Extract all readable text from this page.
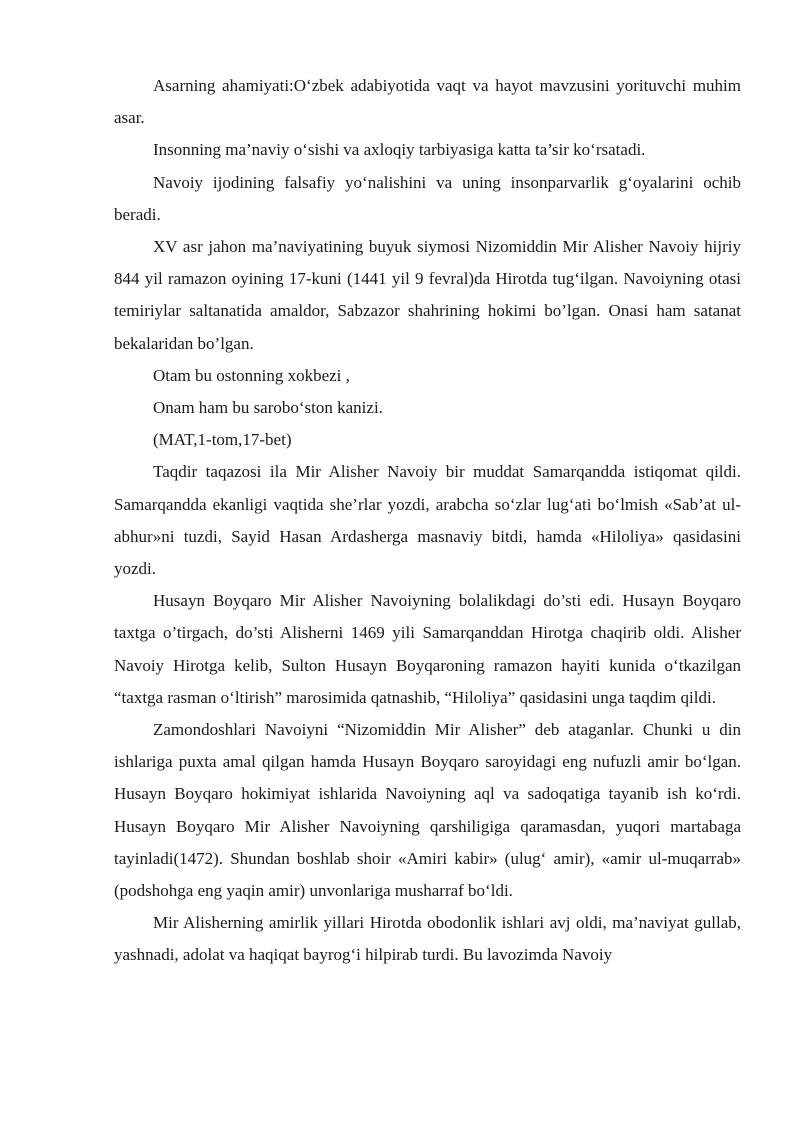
Asarning ahamiyati:O‘zbek adabiyotida vaqt va hayot mavzusini yorituvchi muhim asar.

Insonning ma’naviy o‘sishi va axloqiy tarbiyasiga katta ta’sir ko‘rsatadi.

Navoiy ijodining falsafiy yo‘nalishini va uning insonparvarlik g‘oyalarini ochib beradi.

XV asr jahon ma’naviyatining buyuk siymosi Nizomiddin Mir Alisher Navoiy hijriy 844 yil ramazon oyining 17-kuni (1441 yil 9 fevral)da Hirotda tug‘ilgan. Navoiyning otasi temiriylar saltanatida amaldor, Sabzazor shahrining hokimi bo’lgan. Onasi ham satanat bekalaridan bo’lgan.

Otam bu ostonning xokbezi ,

Onam ham bu sarobo‘ston kanizi.

(MAT,1-tom,17-bet)

Taqdir taqazosi ila Mir Alisher Navoiy bir muddat Samarqandda istiqomat qildi. Samarqandda ekanligi vaqtida she’rlar yozdi, arabcha so‘zlar lug‘ati bo‘lmish «Sab’at ul-abhur»ni tuzdi, Sayid Hasan Ardasherga masnaviy bitdi, hamda «Hiloliya» qasidasini yozdi.

Husayn Boyqaro Mir Alisher Navoiyning bolalikdagi do’sti edi. Husayn Boyqaro taxtga o’tirgach, do’sti Alisherni 1469 yili Samarqanddan Hirotga chaqirib oldi. Alisher Navoiy Hirotga kelib, Sulton Husayn Boyqaroning ramazon hayiti kunida o‘tkazilgan “taxtga rasman o‘ltirish” marosimida qatnashib, “Hiloliya” qasidasini unga taqdim qildi.

Zamondoshlari Navoiyni “Nizomiddin Mir Alisher” deb ataganlar. Chunki u din ishlariga puxta amal qilgan hamda Husayn Boyqaro saroyidagi eng nufuzli amir bo‘lgan. Husayn Boyqaro hokimiyat ishlarida Navoiyning aql va sadoqatiga tayanib ish ko‘rdi. Husayn Boyqaro Mir Alisher Navoiyning qarshiligiga qaramasdan, yuqori martabaga tayinladi(1472). Shundan boshlab shoir «Amiri kabir» (ulug‘ amir), «amir ul-muqarrab» (podshohga eng yaqin amir) unvonlariga musharraf bo‘ldi.

Mir Alisherning amirlik yillari Hirotda obodonlik ishlari avj oldi, ma’naviyat gullab, yashnadi, adolat va haqiqat bayrog‘i hilpirab turdi. Bu lavozimda Navoiy
